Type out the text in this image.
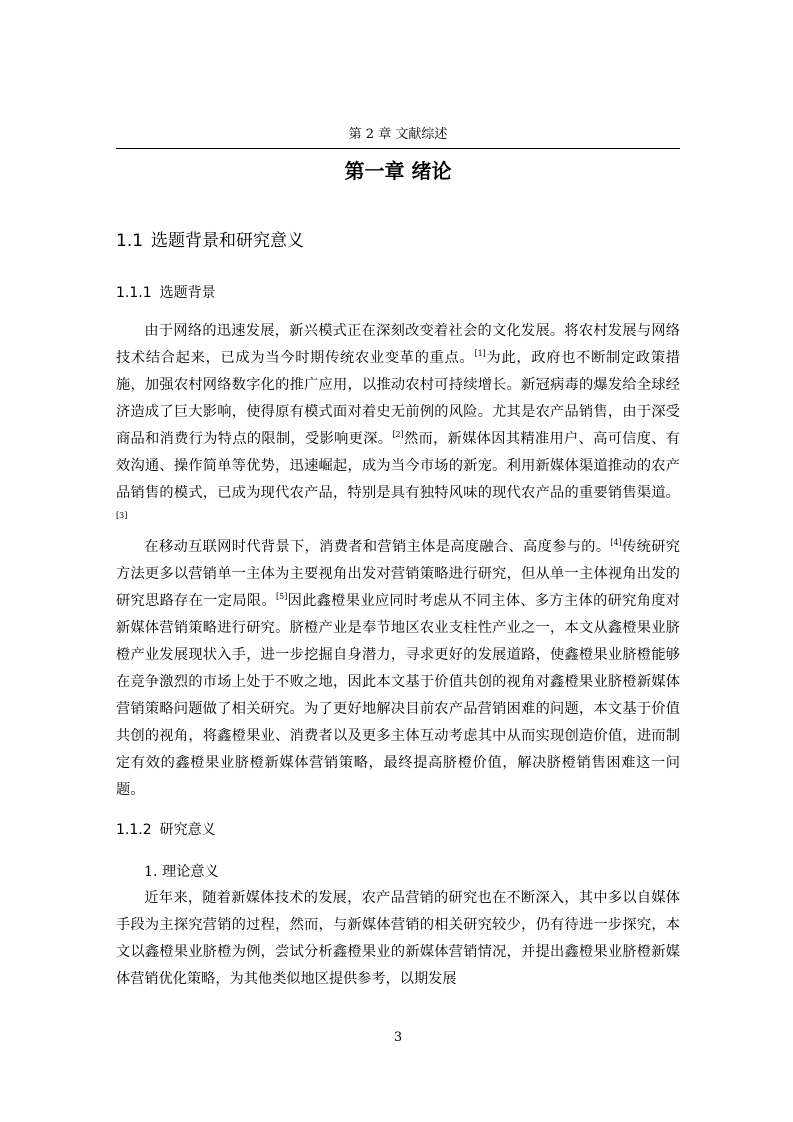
第 2 章 文献综述
第一章 绪论
1.1 选题背景和研究意义
1.1.1 选题背景

由于网络的迅速发展，新兴模式正在深刻改变着社会的文化发展。将农村发展与网络技术结合起来，已成为当今时期传统农业变革的重点。[1]为此，政府也不断制定政策措施，加强农村网络数字化的推广应用，以推动农村可持续增长。新冠病毒的爆发给全球经济造成了巨大影响，使得原有模式面对着史无前例的风险。尤其是农产品销售，由于深受商品和消费行为特点的限制，受影响更深。[2]然而，新媒体因其精准用户、高可信度、有效沟通、操作简单等优势，迅速崛起，成为当今市场的新宠。利用新媒体渠道推动的农产品销售的模式，已成为现代农产品，特别是具有独特风味的现代农产品的重要销售渠道。[3]

在移动互联网时代背景下，消费者和营销主体是高度融合、高度参与的。[4]传统研究方法更多以营销单一主体为主要视角出发对营销策略进行研究，但从单一主体视角出发的研究思路存在一定局限。[5]因此鑫橙果业应同时考虑从不同主体、多方主体的研究角度对新媒体营销策略进行研究。脐橙产业是奉节地区农业支柱性产业之一，本文从鑫橙果业脐橙产业发展现状入手，进一步挖掘自身潜力，寻求更好的发展道路，使鑫橙果业脐橙能够在竞争激烈的市场上处于不败之地，因此本文基于价值共创的视角对鑫橙果业脐橙新媒体营销策略问题做了相关研究。为了更好地解决目前农产品营销困难的问题，本文基于价值共创的视角，将鑫橙果业、消费者以及更多主体互动考虑其中从而实现创造价值，进而制定有效的鑫橙果业脐橙新媒体营销策略，最终提高脐橙价值，解决脐橙销售困难这一问题。

1.1.2 研究意义
1. 理论意义

近年来，随着新媒体技术的发展，农产品营销的研究也在不断深入，其中多以自媒体手段为主探究营销的过程，然而，与新媒体营销的相关研究较少，仍有待进一步探究，本文以鑫橙果业脐橙为例，尝试分析鑫橙果业的新媒体营销情况，并提出鑫橙果业脐橙新媒体营销优化策略，为其他类似地区提供参考，以期发展

3
